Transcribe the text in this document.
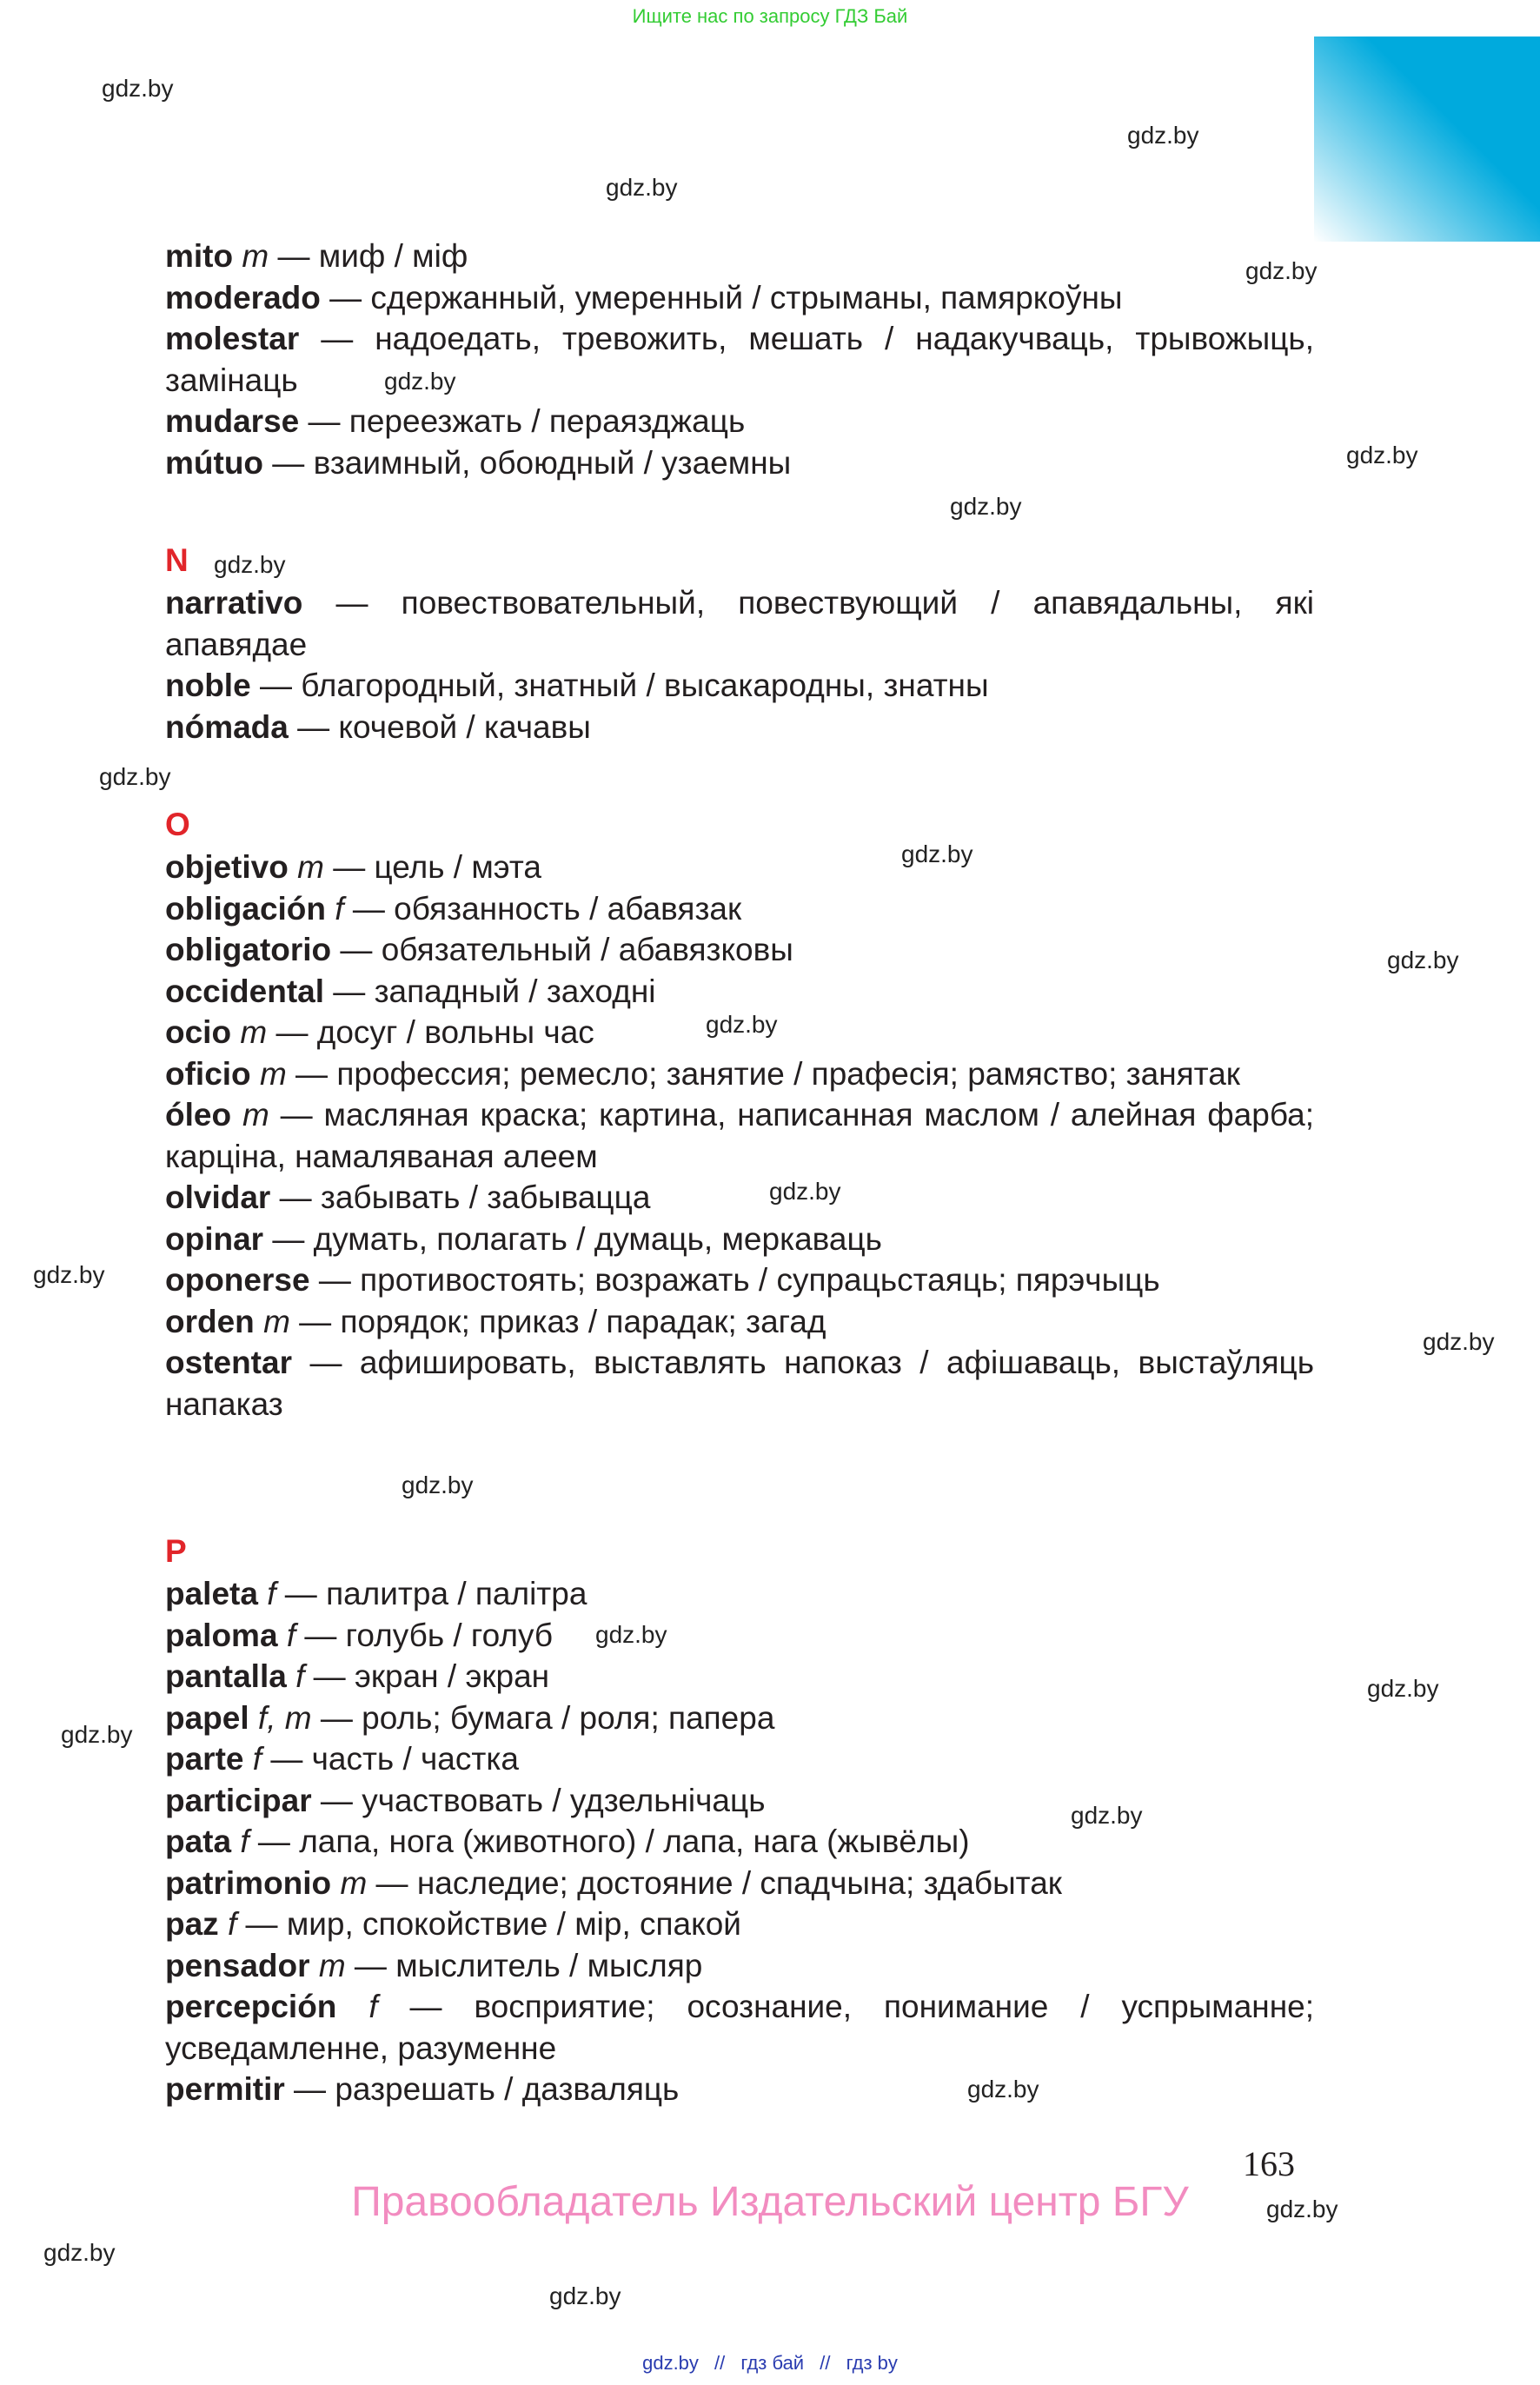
Ищите нас по запросу ГДЗ Бай
gdz.by
gdz.by
gdz.by
gdz.by
gdz.by
gdz.by
gdz.by
gdz.by
gdz.by
gdz.by
gdz.by
gdz.by
gdz.by
gdz.by
gdz.by
gdz.by
gdz.by
gdz.by
gdz.by
gdz.by
gdz.by
gdz.by
gdz.by
gdz.by
mito m — миф / міф
moderado — сдержанный, умеренный / стрыманы, памяркоўны
molestar — надоедать, тревожить, мешать / надакучваць, трывожыць, замінаць
mudarse — переезжать / пераязджаць
mútuo — взаимный, обоюдный / узаемны
N
narrativo — повествовательный, повествующий / апавядальны, які апавядае
noble — благородный, знатный / высакародны, знатны
nómada — кочевой / качавы
O
objetivo m — цель / мэта
obligación f — обязанность / абавязак
obligatorio — обязательный / абавязковы
occidental — западный / заходні
ocio m — досуг / вольны час
oficio m — профессия; ремесло; занятие / прафесія; рамяство; занятак
óleo m — масляная краска; картина, написанная маслом / алейная фарба; карціна, намаляваная алеем
olvidar — забывать / забывацца
opinar — думать, полагать / думаць, меркаваць
oponerse — противостоять; возражать / супрацьстаяць; пярэчыць
orden m — порядок; приказ / парадак; загад
ostentar — афишировать, выставлять напоказ / афішаваць, выстаўляць напаказ
P
paleta f — палитра / палітра
paloma f — голубь / голуб
pantalla f — экран / экран
papel f, m — роль; бумага / роля; папера
parte f — часть / частка
participar — участвовать / удзельнічаць
pata f — лапа, нога (животного) / лапа, нага (жывёлы)
patrimonio m — наследие; достояние / спадчына; здабытак
paz f — мир, спокойствие / мір, спакой
pensador m — мыслитель / мысляр
percepción f — восприятие; осознание, понимание / успрыманне; усведамленне, разуменне
permitir — разрешать / дазваляць
163
Правообладатель Издательский центр БГУ
gdz.by // гдз бай // гдз by
